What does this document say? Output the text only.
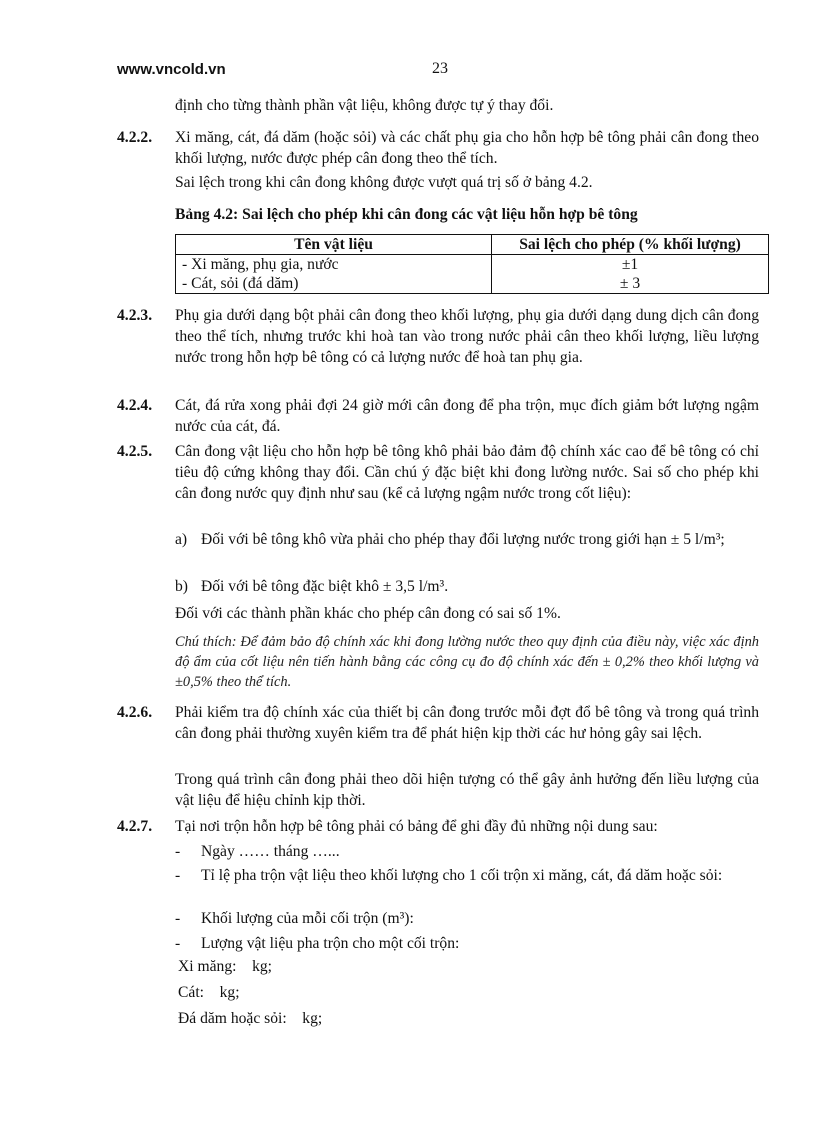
www.vncold.vn	23
định cho từng thành phần vật liệu, không được tự ý thay đổi.
4.2.2.	Xi măng, cát, đá dăm (hoặc sỏi) và các chất phụ gia cho hỗn hợp bê tông phải cân đong theo khối lượng, nước được phép cân đong theo thể tích.
Sai lệch trong khi cân đong không được vượt quá trị số ở bảng 4.2.
Bảng 4.2: Sai lệch cho phép khi cân đong các vật liệu hỗn hợp bê tông
Tên vật liệu	Sai lệch cho phép (% khối lượng)
- Xi măng, phụ gia, nước	±1
- Cát, sỏi (đá dăm)	± 3
4.2.3.	Phụ gia dưới dạng bột phải cân đong theo khối lượng, phụ gia dưới dạng dung dịch cân đong theo thể tích, nhưng trước khi hoà tan vào trong nước phải cân theo khối lượng, liều lượng nước trong hỗn hợp bê tông có cả lượng nước để hoà tan phụ gia.
4.2.4.	Cát, đá rửa xong phải đợi 24 giờ mới cân đong để pha trộn, mục đích giảm bớt lượng ngậm nước của cát, đá.
4.2.5.	Cân đong vật liệu cho hỗn hợp bê tông khô phải bảo đảm độ chính xác cao để bê tông có chỉ tiêu độ cứng không thay đổi. Cần chú ý đặc biệt khi đong lường nước. Sai số cho phép khi cân đong nước quy định như sau (kể cả lượng ngậm nước trong cốt liệu):
a) Đối với bê tông khô vừa phải cho phép thay đổi lượng nước trong giới hạn ± 5 l/m³;
b) Đối với bê tông đặc biệt khô ± 3,5 l/m³.
Đối với các thành phần khác cho phép cân đong có sai số 1%.
Chú thích: Để đảm bảo độ chính xác khi đong lường nước theo quy định của điều này, việc xác định độ ẩm của cốt liệu nên tiến hành bằng các công cụ đo độ chính xác đến ± 0,2% theo khối lượng và ±0,5% theo thể tích.
4.2.6.	Phải kiểm tra độ chính xác của thiết bị cân đong trước mỗi đợt đổ bê tông và trong quá trình cân đong phải thường xuyên kiểm tra để phát hiện kịp thời các hư hỏng gây sai lệch.
Trong quá trình cân đong phải theo dõi hiện tượng có thể gây ảnh hưởng đến liều lượng của vật liệu để hiệu chỉnh kịp thời.
4.2.7.	Tại nơi trộn hỗn hợp bê tông phải có bảng để ghi đầy đủ những nội dung sau:
- Ngày …… tháng …...
- Tỉ lệ pha trộn vật liệu theo khối lượng cho 1 cối trộn xi măng, cát, đá dăm hoặc sỏi:
- Khối lượng của mỗi cối trộn (m³):
- Lượng vật liệu pha trộn cho một cối trộn:
Xi măng: kg;
Cát: kg;
Đá dăm hoặc sỏi: kg;
